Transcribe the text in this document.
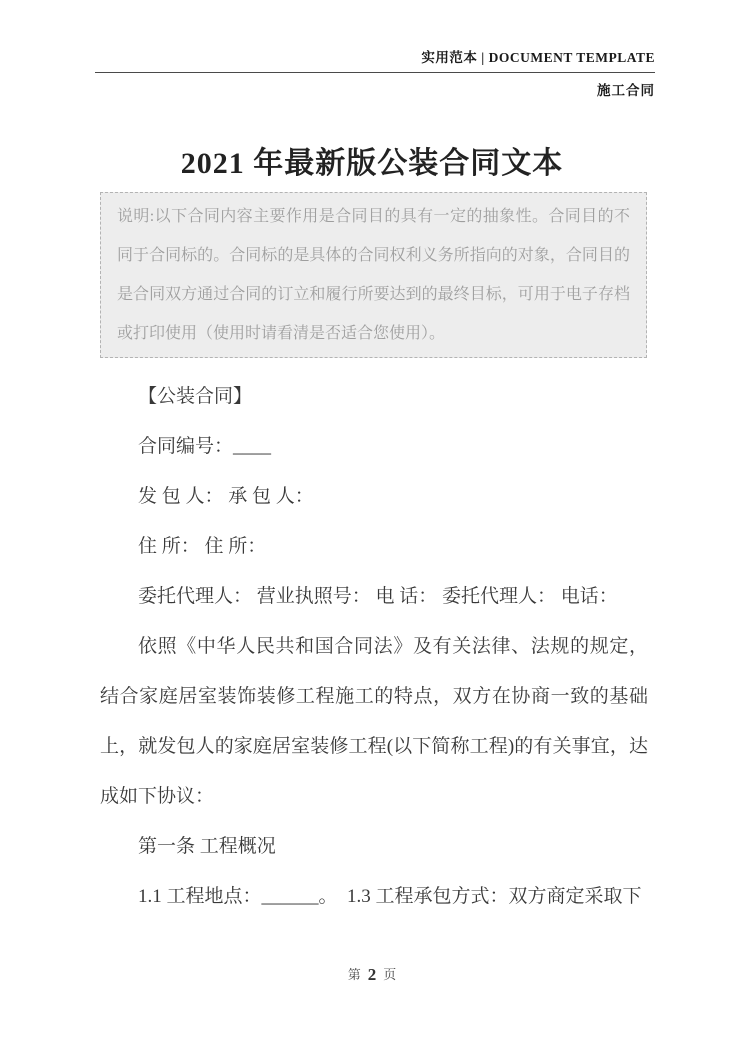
实用范本 | DOCUMENT TEMPLATE
施工合同
2021 年最新版公装合同文本
说明:以下合同内容主要作用是合同目的具有一定的抽象性。合同目的不同于合同标的。合同标的是具体的合同权利义务所指向的对象，合同目的是合同双方通过合同的订立和履行所要达到的最终目标，可用于电子存档或打印使用（使用时请看清是否适合您使用）。

【公装合同】

合同编号：____

发 包 人： 承 包 人：

住 所： 住 所：

委托代理人： 营业执照号： 电 话： 委托代理人： 电话：

依照《中华人民共和国合同法》及有关法律、法规的规定，结合家庭居室装饰装修工程施工的特点，双方在协商一致的基础上，就发包人的家庭居室装修工程(以下简称工程)的有关事宜，达成如下协议：

第一条 工程概况

1.1 工程地点：______。  1.3 工程承包方式：双方商定采取下

第 2 页
